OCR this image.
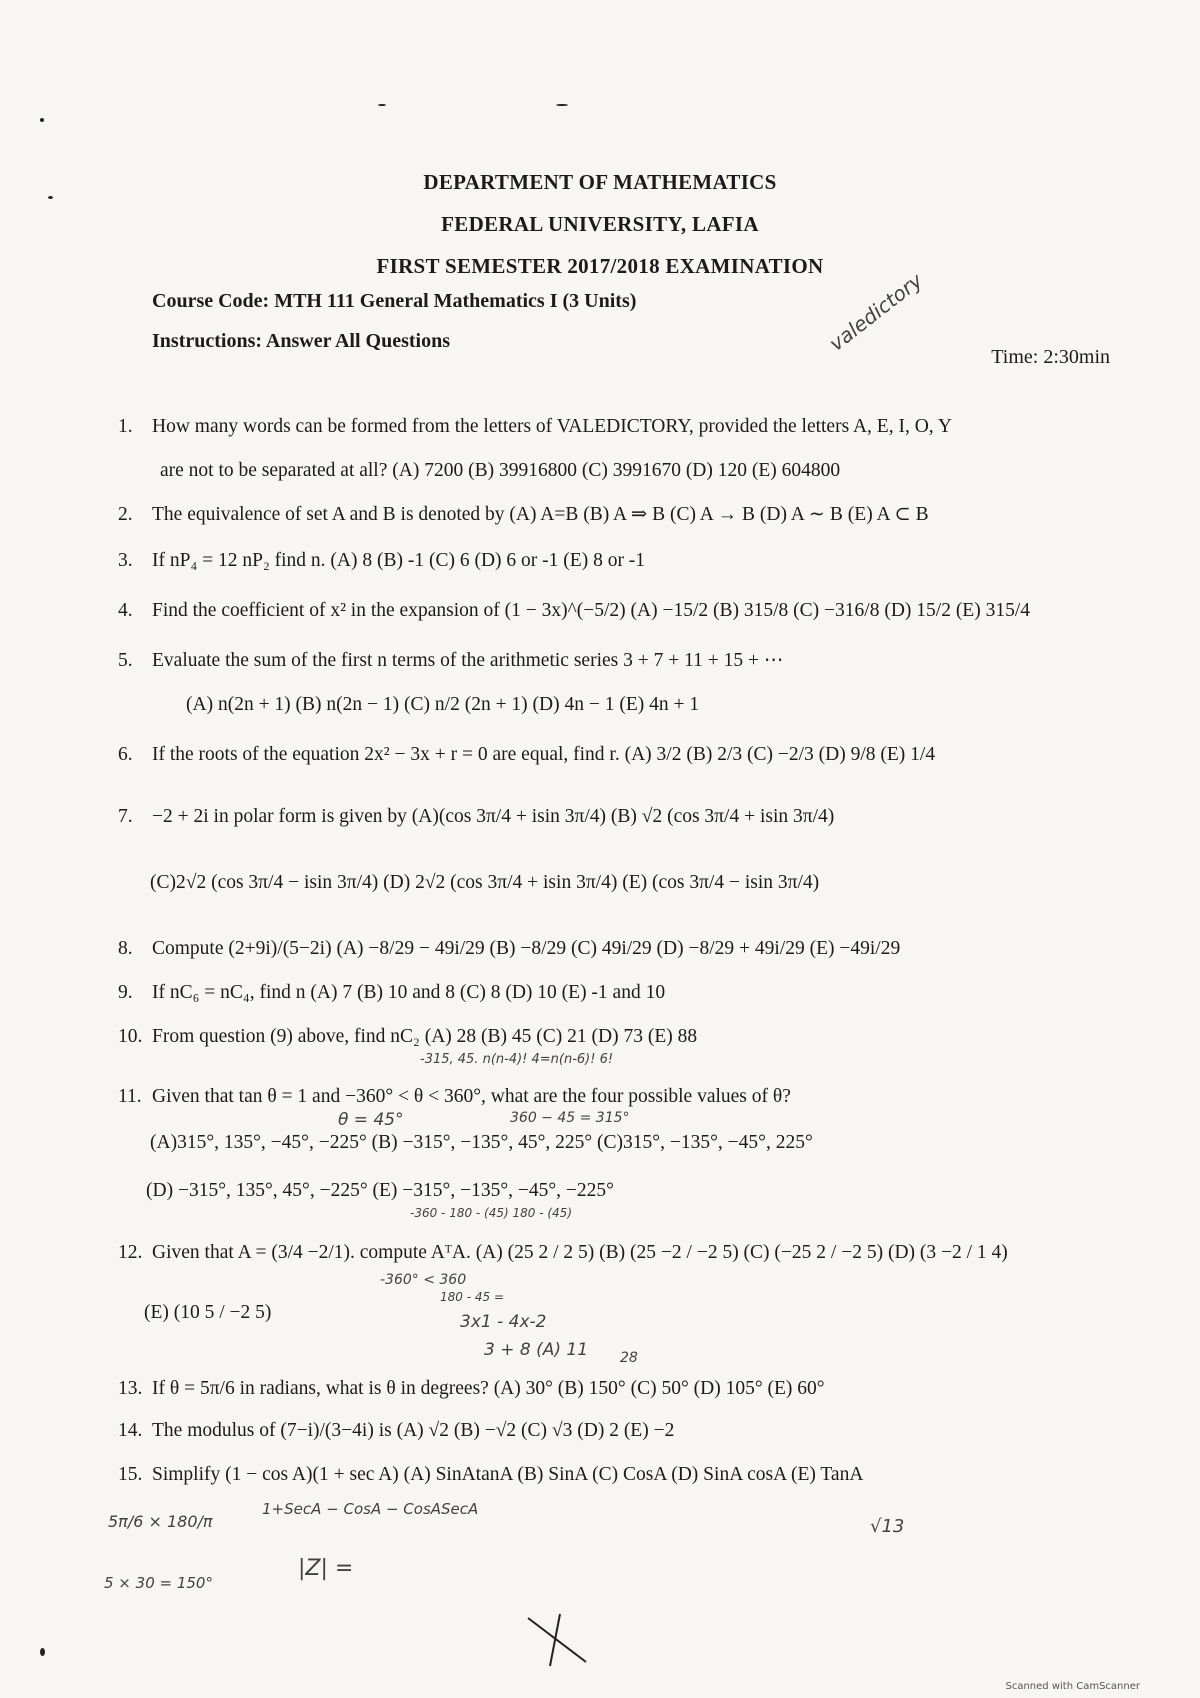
DEPARTMENT OF MATHEMATICS
FEDERAL UNIVERSITY, LAFIA
FIRST SEMESTER 2017/2018 EXAMINATION
Course Code: MTH 111 General Mathematics I (3 Units)
Instructions: Answer All Questions
Time: 2:30min
1. How many words can be formed from the letters of VALEDICTORY, provided the letters A, E, I, O, Y
are not to be separated at all? (A) 7200 (B) 39916800 (C) 3991670 (D) 120 (E) 604800
2. The equivalence of set A and B is denoted by (A) A=B (B) A ⇒ B (C) A → B (D) A ∼ B (E) A ⊂ B
3. If nP₄ = 12 nP₂ find n. (A) 8 (B) -1 (C) 6 (D) 6 or -1 (E) 8 or -1
4. Find the coefficient of x² in the expansion of (1 − 3x)^(−5/2) (A) −15/2 (B) 315/8 (C) −316/8 (D) 15/2 (E) 315/4
5. Evaluate the sum of the first n terms of the arithmetic series 3 + 7 + 11 + 15 + ⋯
(A) n(2n + 1) (B) n(2n − 1) (C) n/2 (2n + 1) (D) 4n − 1 (E) 4n + 1
6. If the roots of the equation 2x² − 3x + r = 0 are equal, find r. (A) 3/2 (B) 2/3 (C) −2/3 (D) 9/8 (E) 1/4
7. −2 + 2i in polar form is given by (A)(cos 3π/4 + isin 3π/4) (B) √2 (cos 3π/4 + isin 3π/4)
(C)2√2 (cos 3π/4 − isin 3π/4) (D) 2√2 (cos 3π/4 + isin 3π/4) (E) (cos 3π/4 − isin 3π/4)
8. Compute (2+9i)/(5−2i) (A) −8/29 − 49i/29 (B) −8/29 (C) 49i/29 (D) −8/29 + 49i/29 (E) −49i/29
9. If nC₆ = nC₄, find n (A) 7 (B) 10 and 8 (C) 8 (D) 10 (E) -1 and 10
10. From question (9) above, find nC₂ (A) 28 (B) 45 (C) 21 (D) 73 (E) 88
11. Given that tan θ = 1 and −360° < θ < 360°, what are the four possible values of θ?
(A)315°, 135°, −45°, −225° (B) −315°, −135°, 45°, 225° (C)315°, −135°, −45°, 225°
(D) −315°, 135°, 45°, −225° (E) −315°, −135°, −45°, −225°
12. Given that A = (3/4 −2/1). compute AᵀA. (A) (25 2 / 2 5) (B) (25 −2 / −2 5) (C) (−25 2 / −2 5) (D) (3 −2 / 1 4)
(E) (10 5 / −2 5)
13. If θ = 5π/6 in radians, what is θ in degrees? (A) 30° (B) 150° (C) 50° (D) 105° (E) 60°
14. The modulus of (7−i)/(3−4i) is (A) √2 (B) −√2 (C) √3 (D) 2 (E) −2
15. Simplify (1 − cos A)(1 + sec A) (A) SinAtanA (B) SinA (C) CosA (D) SinA cosA (E) TanA
valedictory
-315, 45. n(n-4)! 4=n(n-6)! 6!
θ = 45°	360 − 45 = 315°
-360 - 180 - (45) 180 - (45)
-360° < 360
180 - 45 =
3x1 - 4x-2
3 + 8 (A) 11 28
5π/6 × 180/π
|Z| =
1+SecA − CosA − CosASecA
√13
5 × 30 = 150°
Scanned with CamScanner
